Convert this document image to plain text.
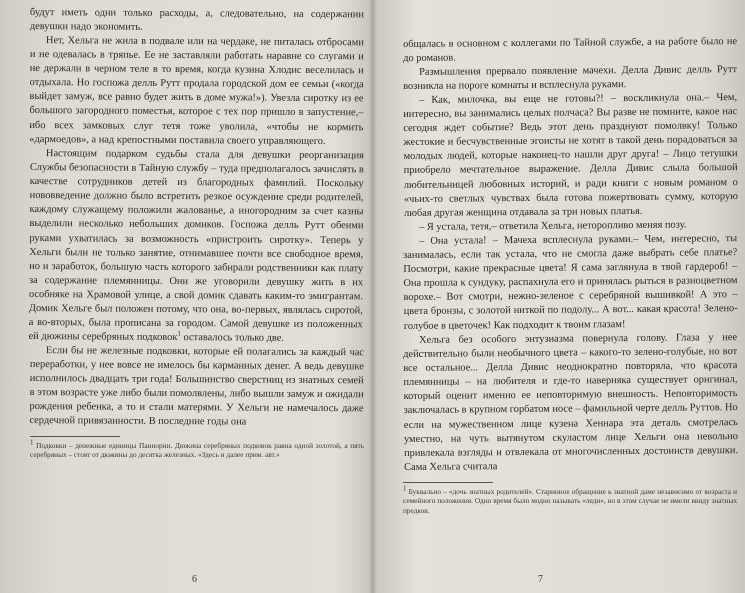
будут иметь одни только расходы, а, следовательно, на содержании девушки надо экономить.

Нет, Хельга не жила в подвале или на чердаке, не питалась отбросами и не одевалась в тряпье. Ее не заставляли работать наравне со слугами и не держали в черном теле в то время, когда кузина Хлодис веселилась и отдыхала. Но госпожа делль Рутт продала городской дом ее семьи («когда выйдет замуж, все равно будет жить в доме мужа!»). Увезла сиротку из ее большого загородного поместья, которое с тех пор пришло в запустение,– ибо всех замковых слуг тетя тоже уволила, «чтобы не кормить «дармоедов», а над крепостными поставила своего управляющего.

Настоящим подарком судьбы стала для девушки реорганизация Службы безопасности в Тайную службу – туда предполагалось зачислять в качестве сотрудников детей из благородных фамилий. Поскольку нововведение должно было встретить резкое осуждение среди родителей, каждому служащему положили жалованье, а иногородним за счет казны выделили несколько небольших домиков. Госпожа делль Рутт обеими руками ухватилась за возможность «пристроить сиротку». Теперь у Хельги были не только занятие, отнимавшее почти все свободное время, но и заработок, большую часть которого забирали родственники как плату за содержание племянницы. Они же уговорили девушку жить в их особняке на Храмовой улице, а свой домик сдавать каким-то эмигрантам. Домик Хельге был положен потому, что она, во-первых, являлась сиротой, а во-вторых, была прописана за городом. Самой девушке из положенных ей дюжины серебряных подковок$^1$ оставалось только две.

Если бы не железные подковки, которые ей полагались за каждый час переработки, у нее вовсе не имелось бы карманных денег. А ведь девушке исполнилось двадцать три года! Большинство сверстниц из знатных семей в этом возрасте уже либо были помолвлены, либо вышли замуж и ожидали рождения ребенка, а то и стали матерями. У Хельги не намечалось даже сердечной привязанности. В последние годы она

$^1$ Подковки – денежные единицы Паннории. Дюжина серебряных подковок равна одной золотой, а пять серебряных – стоят от дюжины до десятка железных. «Здесь и далее прим. авт.»
6

общалась в основном с коллегами по Тайной службе, а на работе было не до романов.

Размышления прервало появление мачехи. Делла Дивис делль Рутт возникла на пороге комнаты и всплеснула руками.

– Как, милочка, вы еще не готовы?! – воскликнула она.– Чем, интересно, вы занимались целых полчаса? Вы разве не помните, какое нас сегодня ждет событие? Ведь этот день празднуют помолвку! Только жестокие и бесчувственные эгоисты не хотят в такой день порадоваться за молодых людей, которые наконец-то нашли друг друга! – Лицо тетушки приобрело мечтательное выражение. Делла Дивис слыла большой любительницей любовных историй, и ради книги с новым романом о «чьих-то светлых чувствах была готова пожертвовать сумму, которую любая другая женщина отдавала за три новых платья.

– Я устала, тетя,– ответила Хельга, неторопливо меняя позу.

– Она устала! – Мачеха всплеснула руками.– Чем, интересно, ты занималась, если так устала, что не смогла даже выбрать себе платье? Посмотри, какие прекрасные цвета! Я сама заглянула в твой гардероб! – Она прошла к сундуку, распахнула его и принялась рыться в разноцветном ворохе.– Вот смотри, нежно-зеленое с серебряной вышивкой! А это – цвета бронзы, с золотой ниткой по подолу... А вот... какая красота! Зелено-голубое в цветочек! Как подходит к твоим глазам!

Хельга без особого энтузиазма повернула голову. Глаза у нее действительно были необычного цвета – какого-то зелено-голубые, но вот все остальное... Делла Дивис неоднократно повторяла, что красота племянницы – на любителя и где-то наверняка существует оригинал, который оценит именно ее неповторимую внешность. Неповторимость заключалась в крупном горбатом носе – фамильной черте делль Руттов. Но если на мужественном лице кузена Хеннара эта деталь смотрелась уместно, на чуть вытянутом скуластом лице Хельги она невольно привлекала взгляды и отвлекала от многочисленных достоинств девушки. Сама Хельга считала

$^1$ Буквально – «дочь знатных родителей». Старинное обращение к знатной даме независимо от возраста и семейного положения. Одно время было модно называть «леди», но в этом случае не имели ввиду знатных предков.
7
